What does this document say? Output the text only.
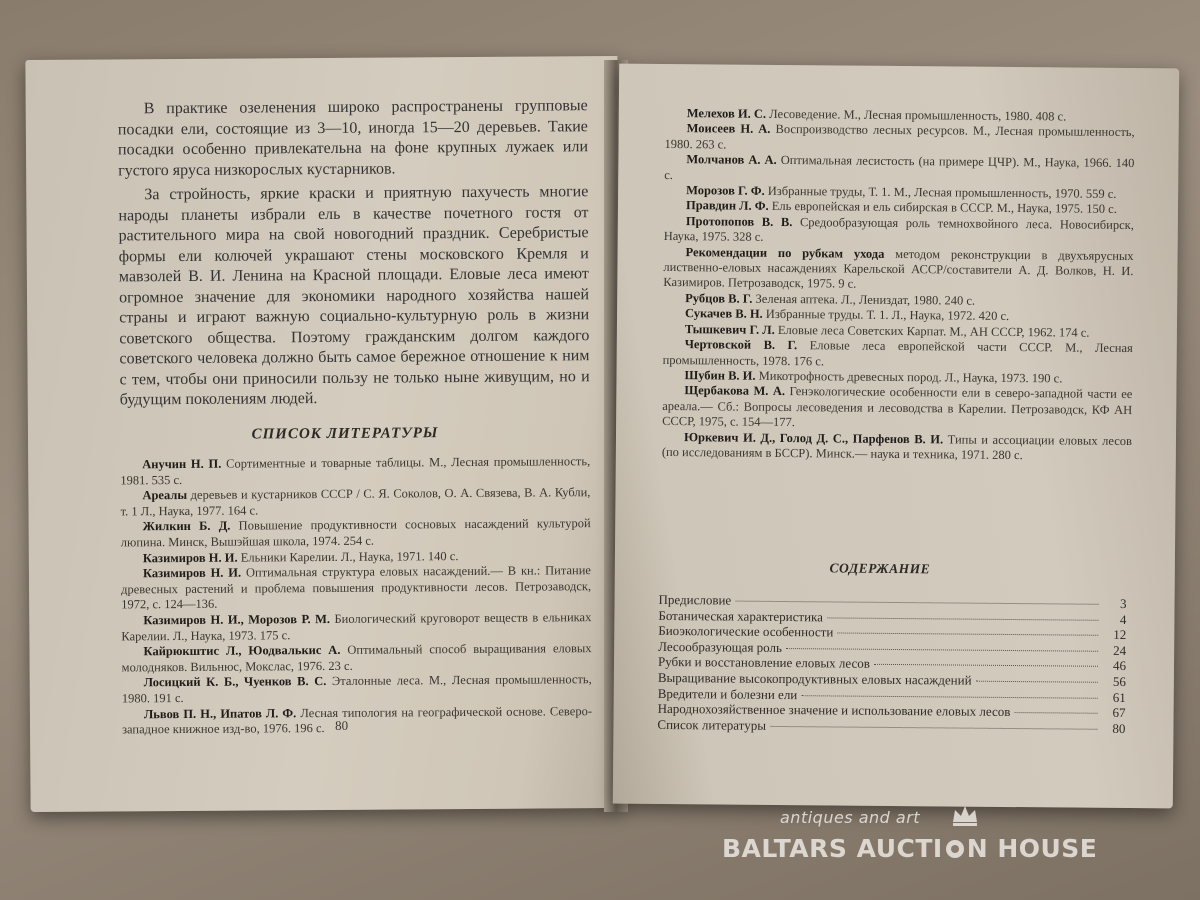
В практике озеленения широко распространены групповые посадки ели, состоящие из 3—10, иногда 15—20 деревьев. Такие посадки особенно привлекательна на фоне крупных лужаек или густого яруса низкорослых кустарников.

За стройность, яркие краски и приятную пахучесть многие народы планеты избрали ель в качестве почетного гостя от растительного мира на свой новогодний праздник. Серебристые формы ели колючей украшают стены московского Кремля и мавзолей В. И. Ленина на Красной площади. Еловые леса имеют огромное значение для экономики народного хозяйства нашей страны и играют важную социально-культурную роль в жизни советского общества. Поэтому гражданским долгом каждого советского человека должно быть самое бережное отношение к ним с тем, чтобы они приносили пользу не только ныне живущим, но и будущим поколениям людей.

СПИСОК ЛИТЕРАТУРЫ
Анучин Н. П. Сортиментные и товарные таблицы. М., Лесная промышленность, 1981. 535 с.
Ареалы деревьев и кустарников СССР / С. Я. Соколов, О. А. Связева, В. А. Кубли, т. 1 Л., Наука, 1977. 164 с.
Жилкин Б. Д. Повышение продуктивности сосновых насаждений культурой люпина. Минск, Вышэйшая школа, 1974. 254 с.
Казимиров Н. И. Ельники Карелии. Л., Наука, 1971. 140 с.
Казимиров Н. И. Оптимальная структура еловых насаждений.— В кн.: Питание древесных растений и проблема повышения продуктивности лесов. Петрозаводск, 1972, с. 124—136.
Казимиров Н. И., Морозов Р. М. Биологический круговорот веществ в ельниках Карелии. Л., Наука, 1973. 175 с.
Кайрюкштис Л., Юодвалькис А. Оптимальный способ выращивания еловых молодняков. Вильнюс, Мокслас, 1976. 23 с.
Лосицкий К. Б., Чуенков В. С. Эталонные леса. М., Лесная промышленность, 1980. 191 с.
Львов П. Н., Ипатов Л. Ф. Лесная типология на географической основе. Северо-западное книжное изд-во, 1976. 196 с. 80
Мелехов И. С. Лесоведение. М., Лесная промышленность, 1980. 408 с.
Моисеев Н. А. Воспроизводство лесных ресурсов. М., Лесная промышленность, 1980. 263 с.
Молчанов А. А. Оптимальная лесистость (на примере ЦЧР). М., Наука, 1966. 140 с.
Морозов Г. Ф. Избранные труды, Т. 1. М., Лесная промышленность, 1970. 559 с.
Правдин Л. Ф. Ель европейская и ель сибирская в СССР. М., Наука, 1975. 150 с.
Протопопов В. В. Средообразующая роль темнохвойного леса. Новосибирск, Наука, 1975. 328 с.
Рекомендации по рубкам ухода методом реконструкции в двухъярусных лиственно-еловых насаждениях Карельской АССР/составители А. Д. Волков, Н. И. Казимиров. Петрозаводск, 1975. 9 с.
Рубцов В. Г. Зеленая аптека. Л., Лениздат, 1980. 240 с.
Сукачев В. Н. Избранные труды. Т. 1. Л., Наука, 1972. 420 с.
Тышкевич Г. Л. Еловые леса Советских Карпат. М., АН СССР, 1962. 174 с.
Чертовской В. Г. Еловые леса европейской части СССР. М., Лесная промышленность, 1978. 176 с.
Шубин В. И. Микотрофность древесных пород. Л., Наука, 1973. 190 с.
Щербакова М. А. Генэкологические особенности ели в северо-западной части ее ареала.— Сб.: Вопросы лесоведения и лесоводства в Карелии. Петрозаводск, КФ АН СССР, 1975, с. 154—177.
Юркевич И. Д., Голод Д. С., Парфенов В. И. Типы и ассоциации еловых лесов (по исследованиям в БССР). Минск.— наука и техника, 1971. 280 с.
СОДЕРЖАНИЕ
Предисловие	3
Ботаническая характеристика	4
Биоэкологические особенности	12
Лесообразующая роль	24
Рубки и восстановление еловых лесов	46
Выращивание высокопродуктивных еловых насаждений	56
Вредители и болезни ели	61
Народнохозяйственное значение и использование еловых лесов	67
Список литературы	80
antiques and art
BALTARS AUCTI N HOUSE
